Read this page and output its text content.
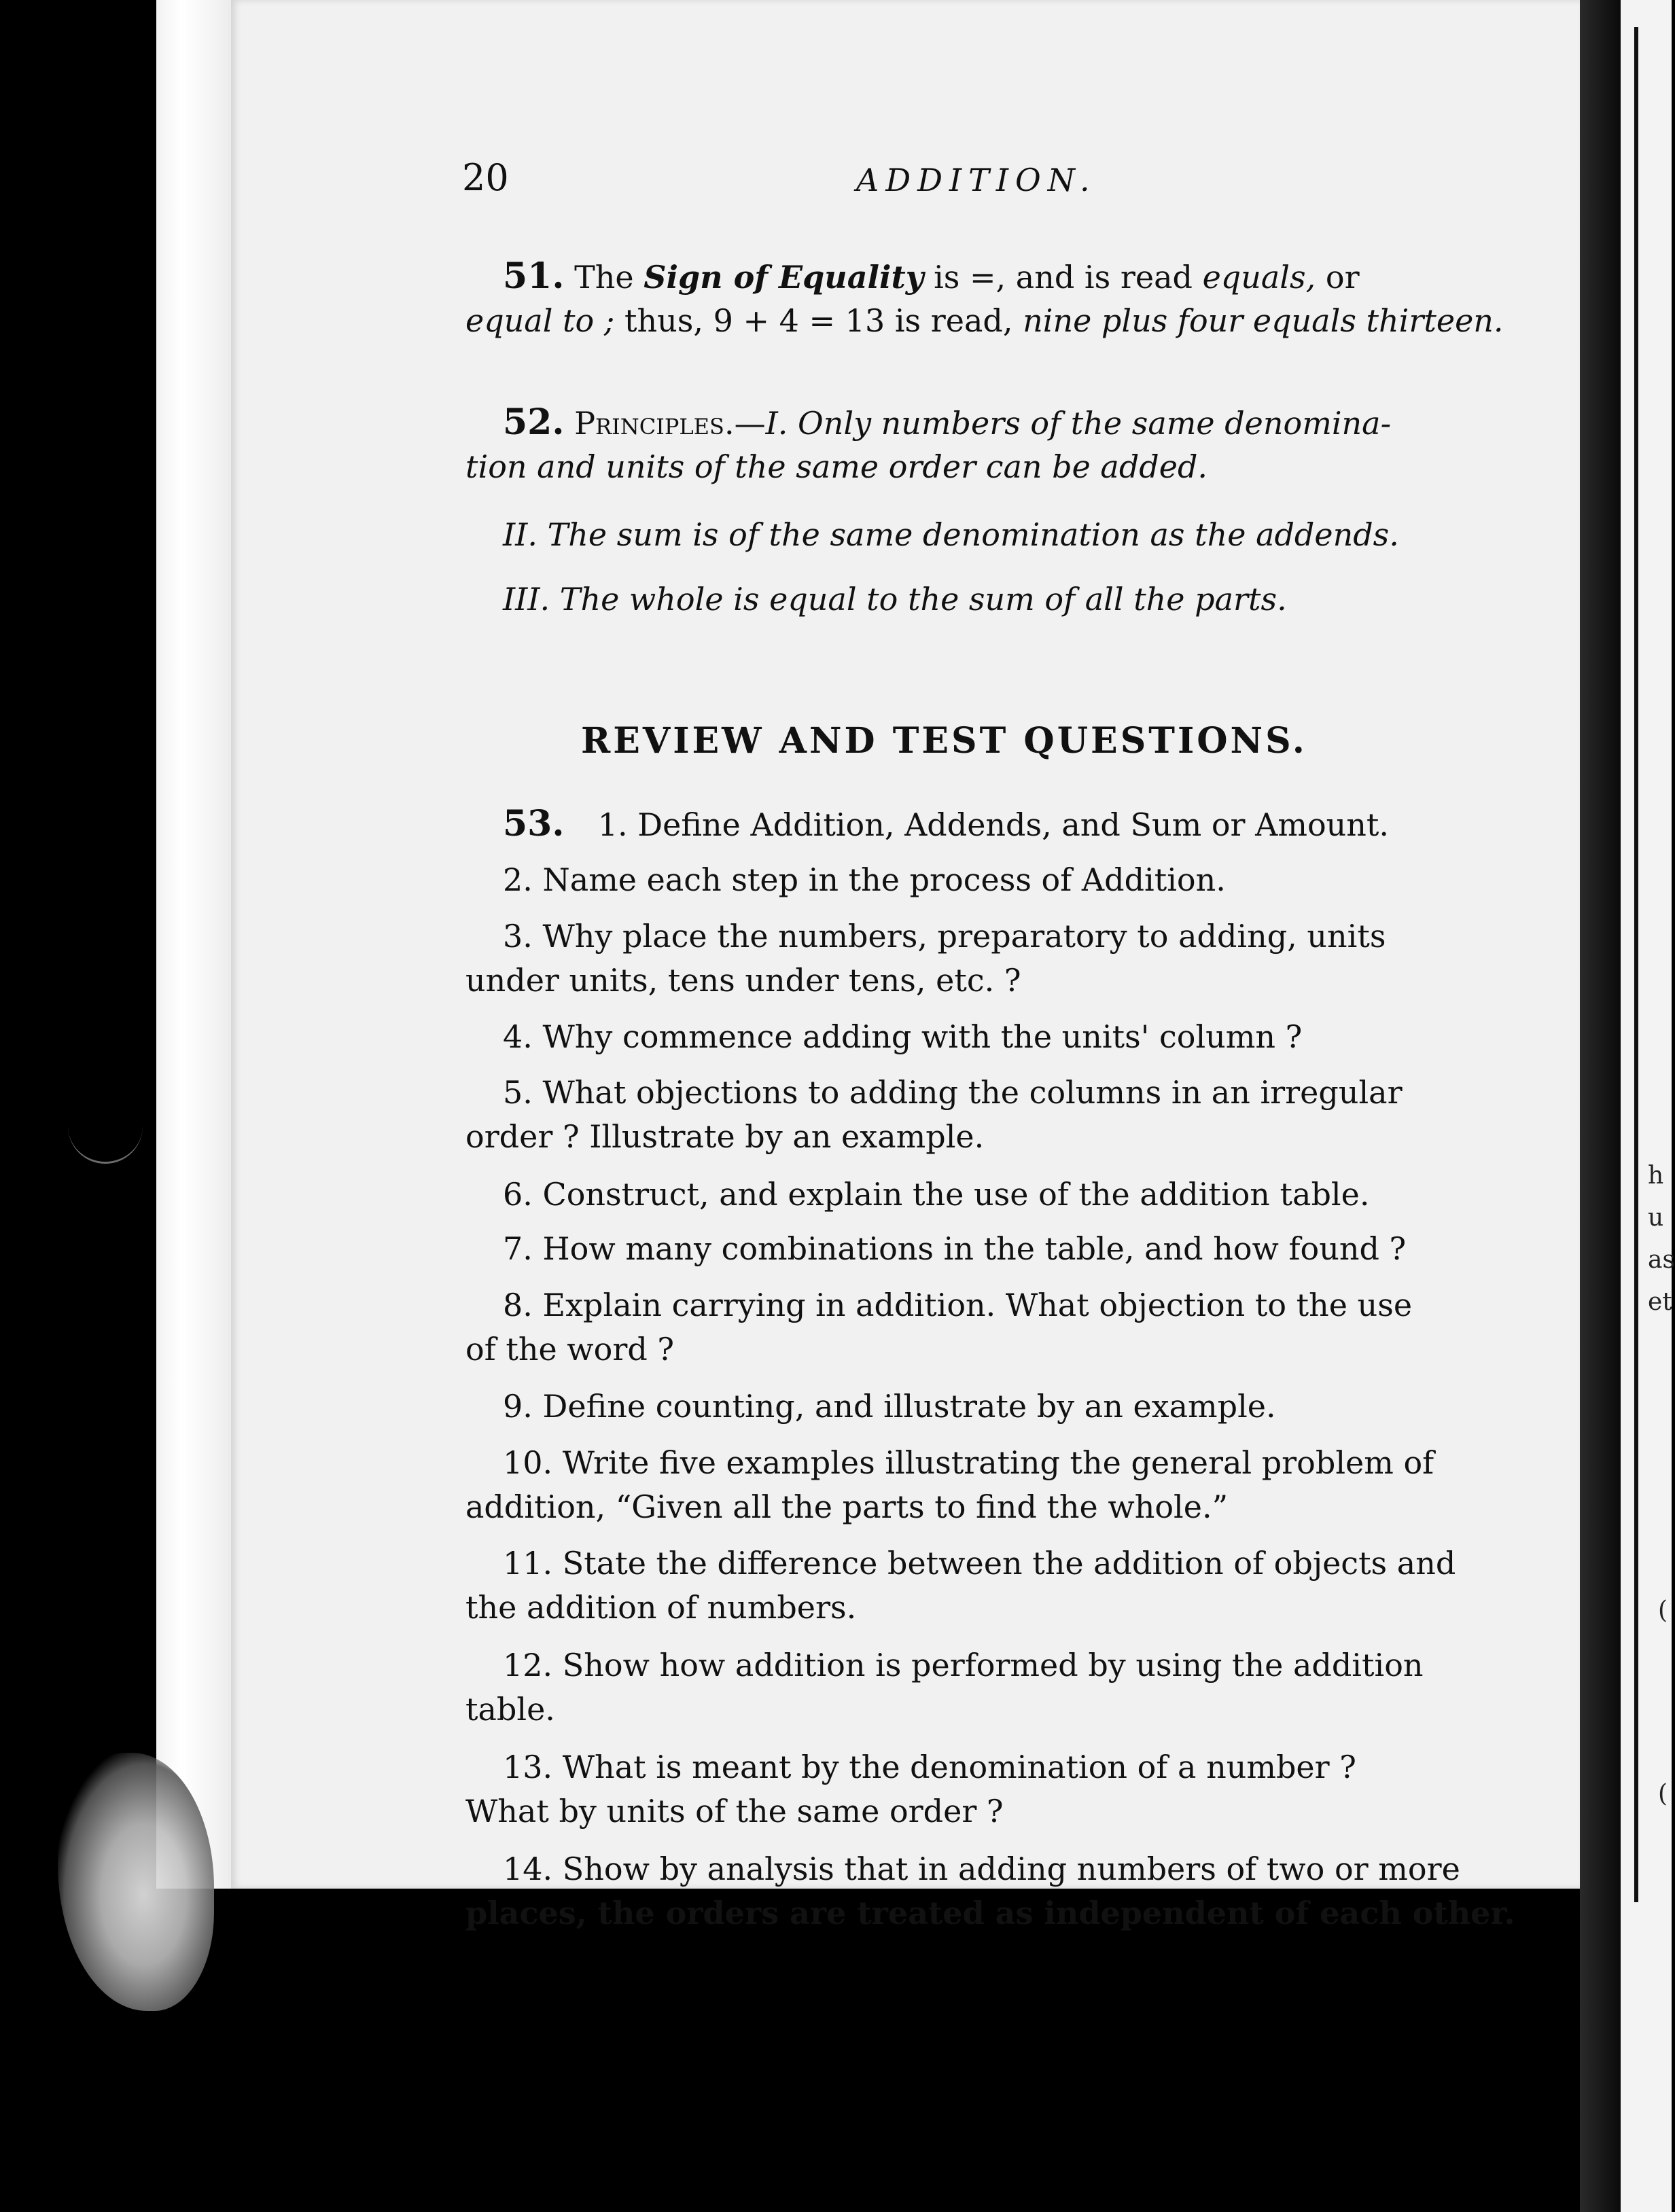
h
u
as
et
(
(
20	ADDITION.
51. The Sign of Equality is =, and is read equals, or
equal to ; thus, 9 + 4 = 13 is read, nine plus four equals thirteen.
52. Principles.—I. Only numbers of the same denomina-
tion and units of the same order can be added.
II. The sum is of the same denomination as the addends.
III. The whole is equal to the sum of all the parts.
REVIEW AND TEST QUESTIONS.
53. 1. Define Addition, Addends, and Sum or Amount.
2. Name each step in the process of Addition.
3. Why place the numbers, preparatory to adding, units
under units, tens under tens, etc. ?
4. Why commence adding with the units' column ?
5. What objections to adding the columns in an irregular
order ? Illustrate by an example.
6. Construct, and explain the use of the addition table.
7. How many combinations in the table, and how found ?
8. Explain carrying in addition. What objection to the use
of the word ?
9. Define counting, and illustrate by an example.
10. Write five examples illustrating the general problem of
addition, “Given all the parts to find the whole.”
11. State the difference between the addition of objects and
the addition of numbers.
12. Show how addition is performed by using the addition
table.
13. What is meant by the denomination of a number ?
What by units of the same order ?
14. Show by analysis that in adding numbers of two or more
places, the orders are treated as independent of each other.
